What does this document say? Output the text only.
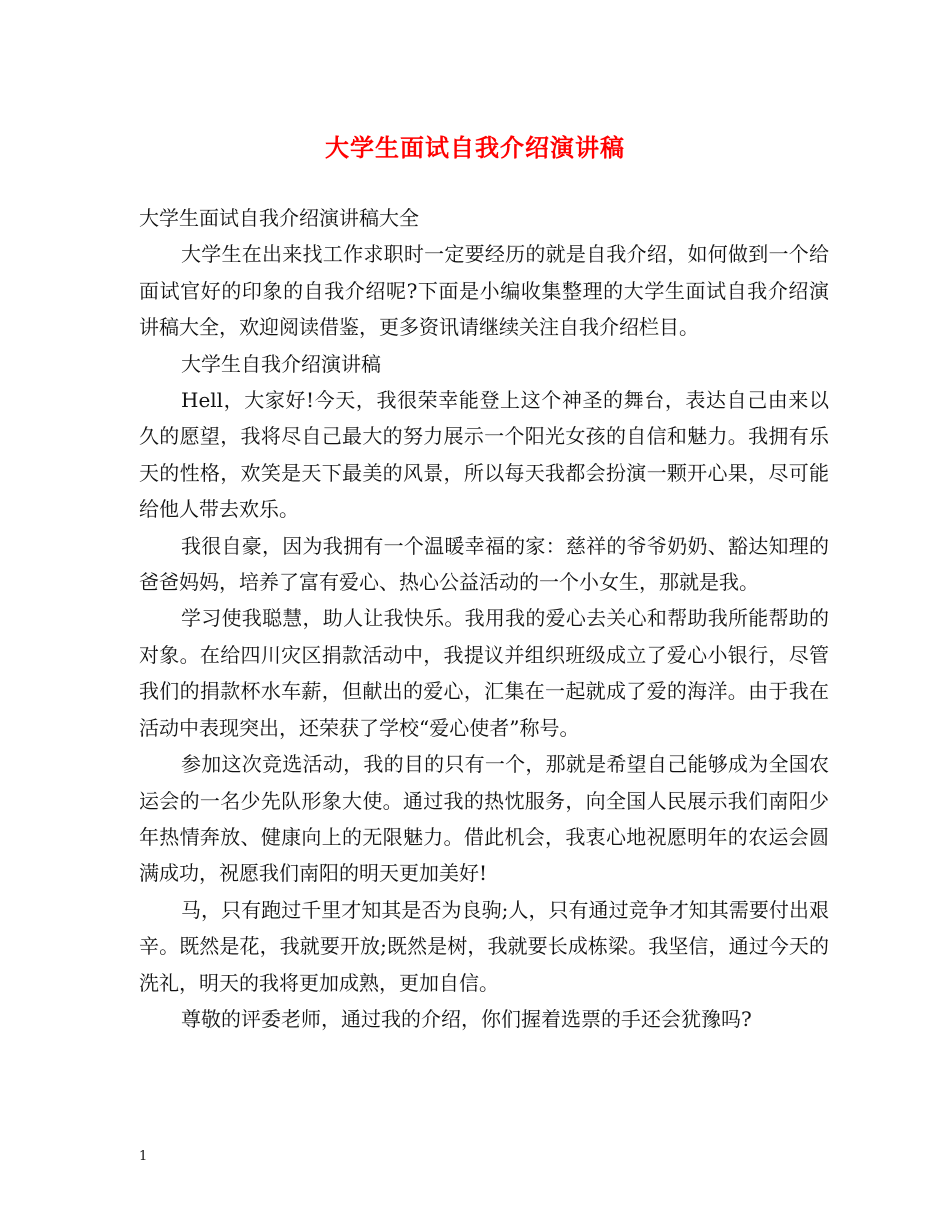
大学生面试自我介绍演讲稿

大学生面试自我介绍演讲稿大全

大学生在出来找工作求职时一定要经历的就是自我介绍，如何做到一个给面试官好的印象的自我介绍呢?下面是小编收集整理的大学生面试自我介绍演讲稿大全，欢迎阅读借鉴，更多资讯请继续关注自我介绍栏目。

大学生自我介绍演讲稿

Hell，大家好!今天，我很荣幸能登上这个神圣的舞台，表达自己由来以久的愿望，我将尽自己最大的努力展示一个阳光女孩的自信和魅力。我拥有乐天的性格，欢笑是天下最美的风景，所以每天我都会扮演一颗开心果，尽可能给他人带去欢乐。

我很自豪，因为我拥有一个温暖幸福的家：慈祥的爷爷奶奶、豁达知理的爸爸妈妈，培养了富有爱心、热心公益活动的一个小女生，那就是我。

学习使我聪慧，助人让我快乐。我用我的爱心去关心和帮助我所能帮助的对象。在给四川灾区捐款活动中，我提议并组织班级成立了爱心小银行，尽管我们的捐款杯水车薪，但献出的爱心，汇集在一起就成了爱的海洋。由于我在活动中表现突出，还荣获了学校“爱心使者”称号。

参加这次竞选活动，我的目的只有一个，那就是希望自己能够成为全国农运会的一名少先队形象大使。通过我的热忱服务，向全国人民展示我们南阳少年热情奔放、健康向上的无限魅力。借此机会，我衷心地祝愿明年的农运会圆满成功，祝愿我们南阳的明天更加美好!

马，只有跑过千里才知其是否为良驹;人，只有通过竞争才知其需要付出艰辛。既然是花，我就要开放;既然是树，我就要长成栋梁。我坚信，通过今天的洗礼，明天的我将更加成熟，更加自信。

尊敬的评委老师，通过我的介绍，你们握着选票的手还会犹豫吗?

1
